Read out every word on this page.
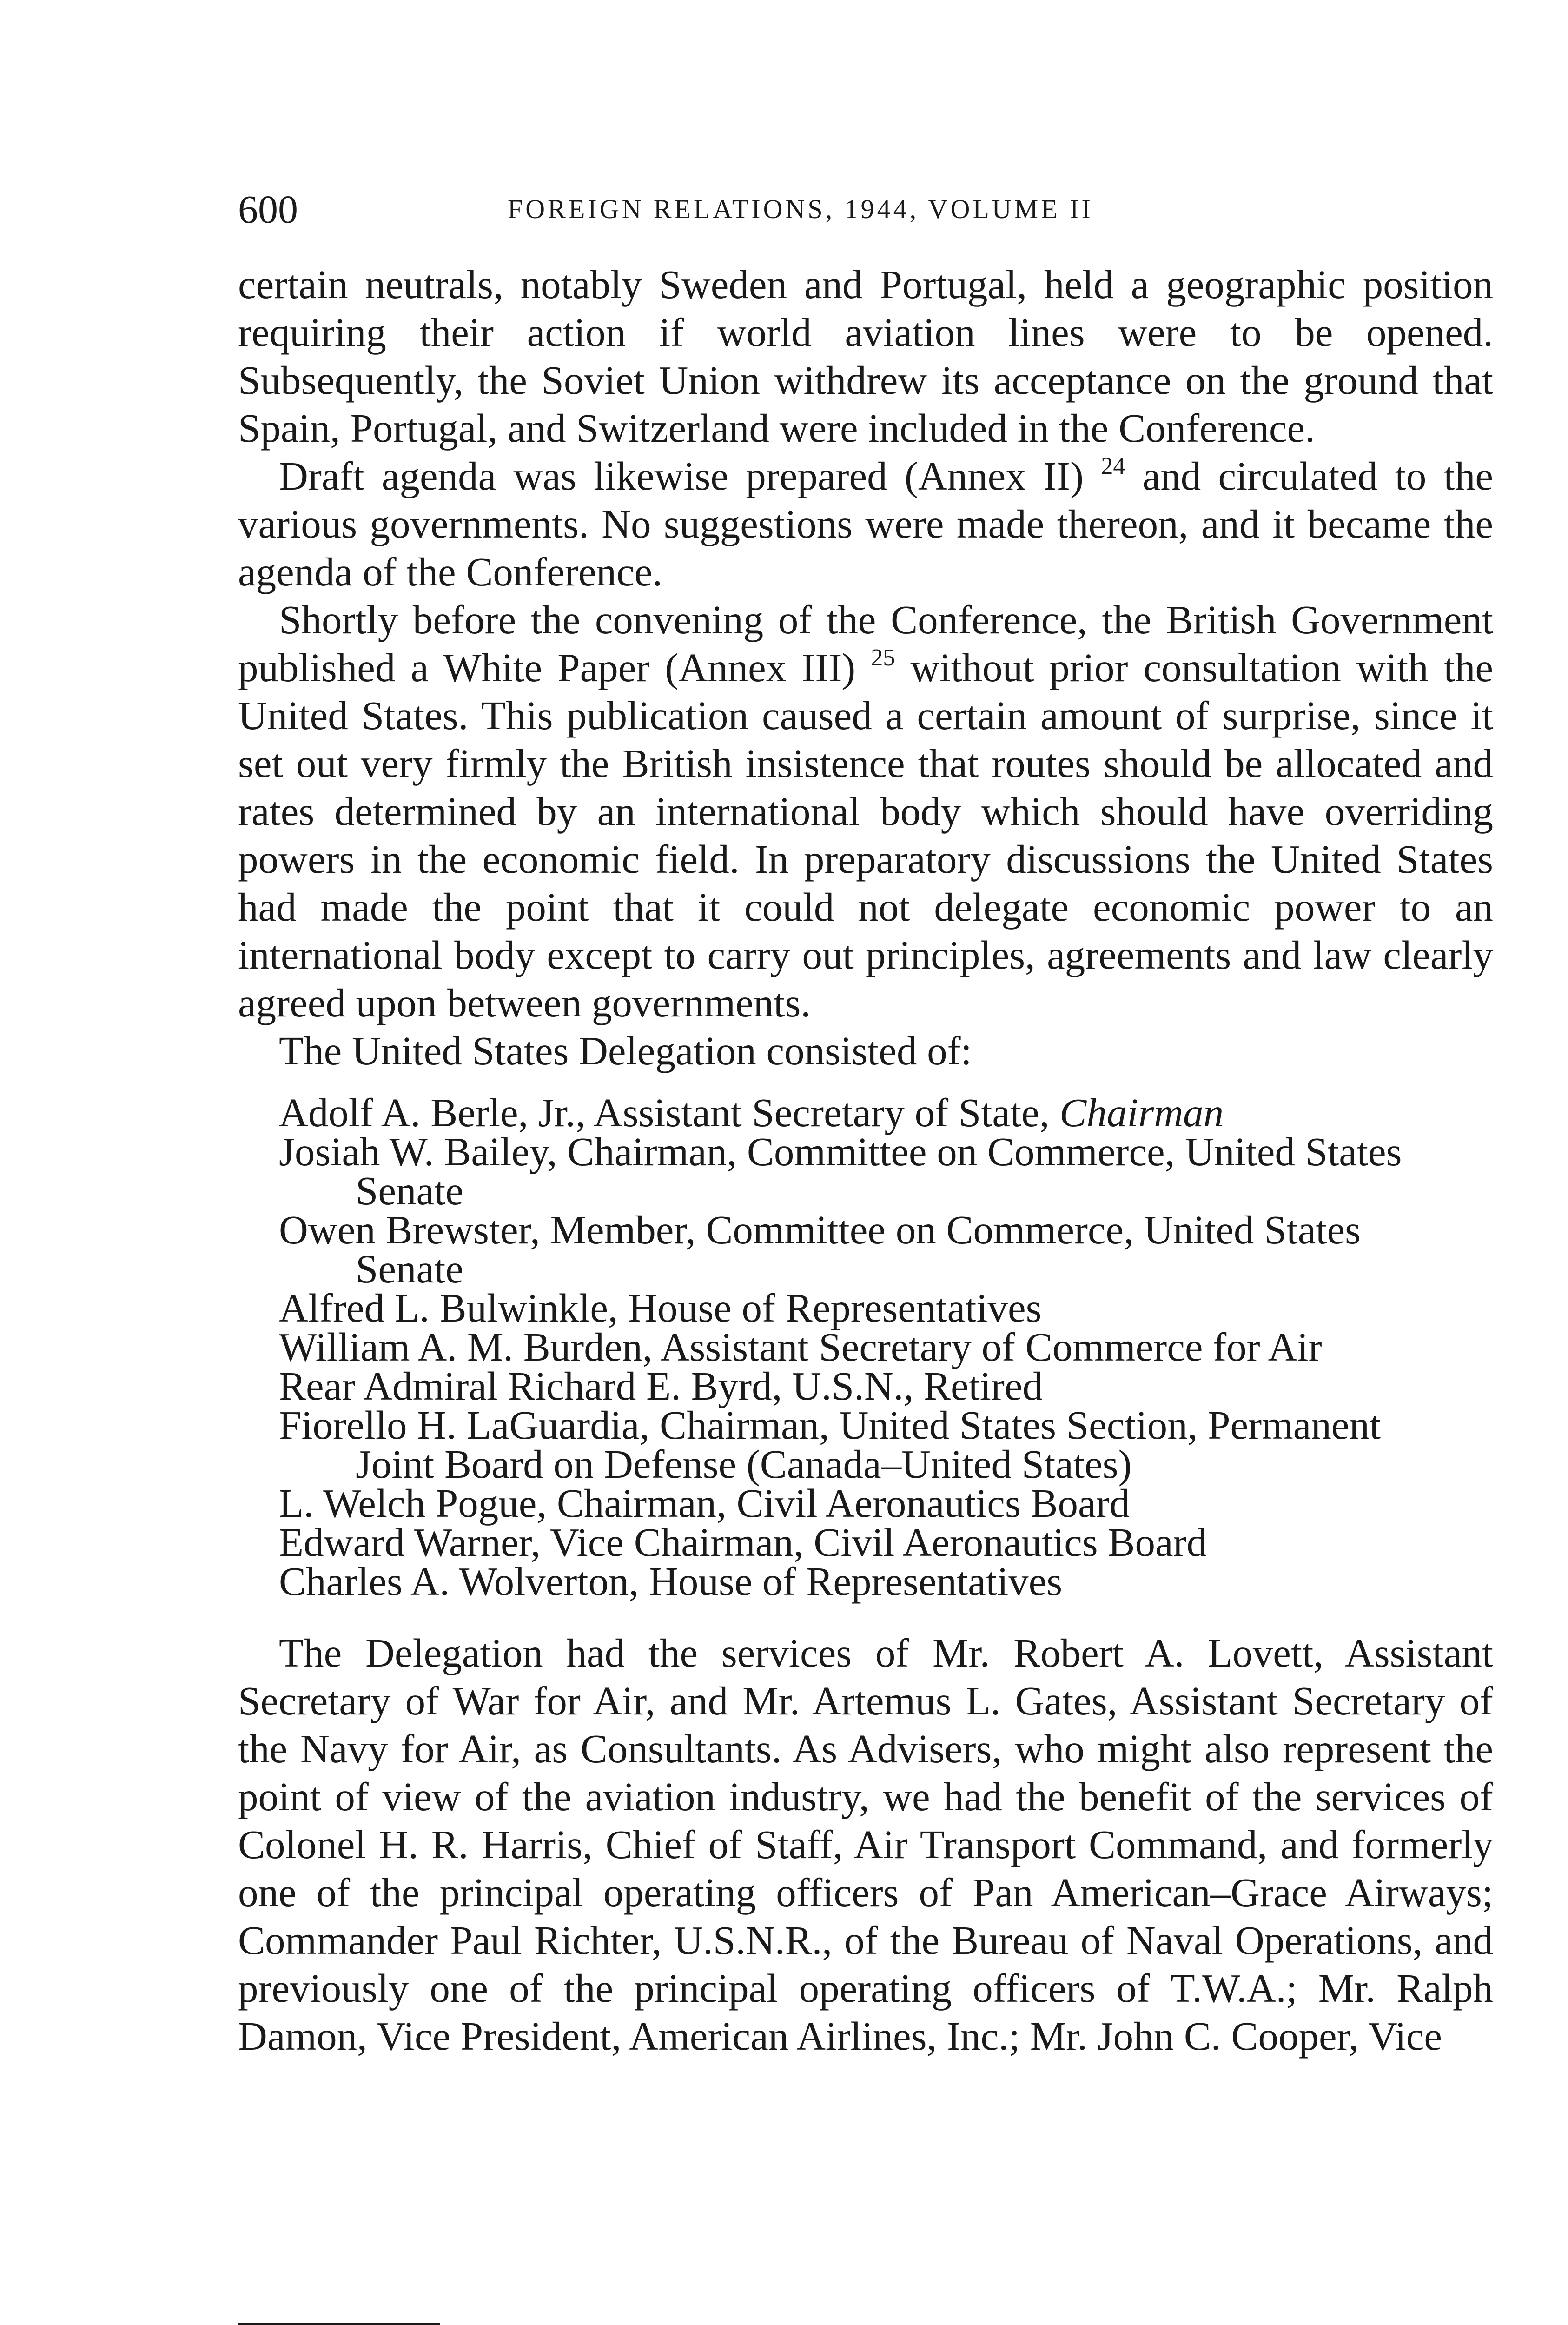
600	FOREIGN RELATIONS, 1944, VOLUME II

certain neutrals, notably Sweden and Portugal, held a geographic position requiring their action if world aviation lines were to be opened. Subsequently, the Soviet Union withdrew its acceptance on the ground that Spain, Portugal, and Switzerland were included in the Conference.

Draft agenda was likewise prepared (Annex II) $^{24}$ and circulated to the various governments. No suggestions were made thereon, and it became the agenda of the Conference.

Shortly before the convening of the Conference, the British Government published a White Paper (Annex III) $^{25}$ without prior consultation with the United States. This publication caused a certain amount of surprise, since it set out very firmly the British insistence that routes should be allocated and rates determined by an international body which should have overriding powers in the economic field. In preparatory discussions the United States had made the point that it could not delegate economic power to an international body except to carry out principles, agreements and law clearly agreed upon between governments.

The United States Delegation consisted of:

Adolf A. Berle, Jr., Assistant Secretary of State, Chairman
Josiah W. Bailey, Chairman, Committee on Commerce, United States Senate
Owen Brewster, Member, Committee on Commerce, United States Senate
Alfred L. Bulwinkle, House of Representatives
William A. M. Burden, Assistant Secretary of Commerce for Air
Rear Admiral Richard E. Byrd, U.S.N., Retired
Fiorello H. LaGuardia, Chairman, United States Section, Permanent Joint Board on Defense (Canada–United States)
L. Welch Pogue, Chairman, Civil Aeronautics Board
Edward Warner, Vice Chairman, Civil Aeronautics Board
Charles A. Wolverton, House of Representatives

The Delegation had the services of Mr. Robert A. Lovett, Assistant Secretary of War for Air, and Mr. Artemus L. Gates, Assistant Secretary of the Navy for Air, as Consultants. As Advisers, who might also represent the point of view of the aviation industry, we had the benefit of the services of Colonel H. R. Harris, Chief of Staff, Air Transport Command, and formerly one of the principal operating officers of Pan American–Grace Airways; Commander Paul Richter, U.S.N.R., of the Bureau of Naval Operations, and previously one of the principal operating officers of T.W.A.; Mr. Ralph Damon, Vice President, American Airlines, Inc.; Mr. John C. Cooper, Vice
